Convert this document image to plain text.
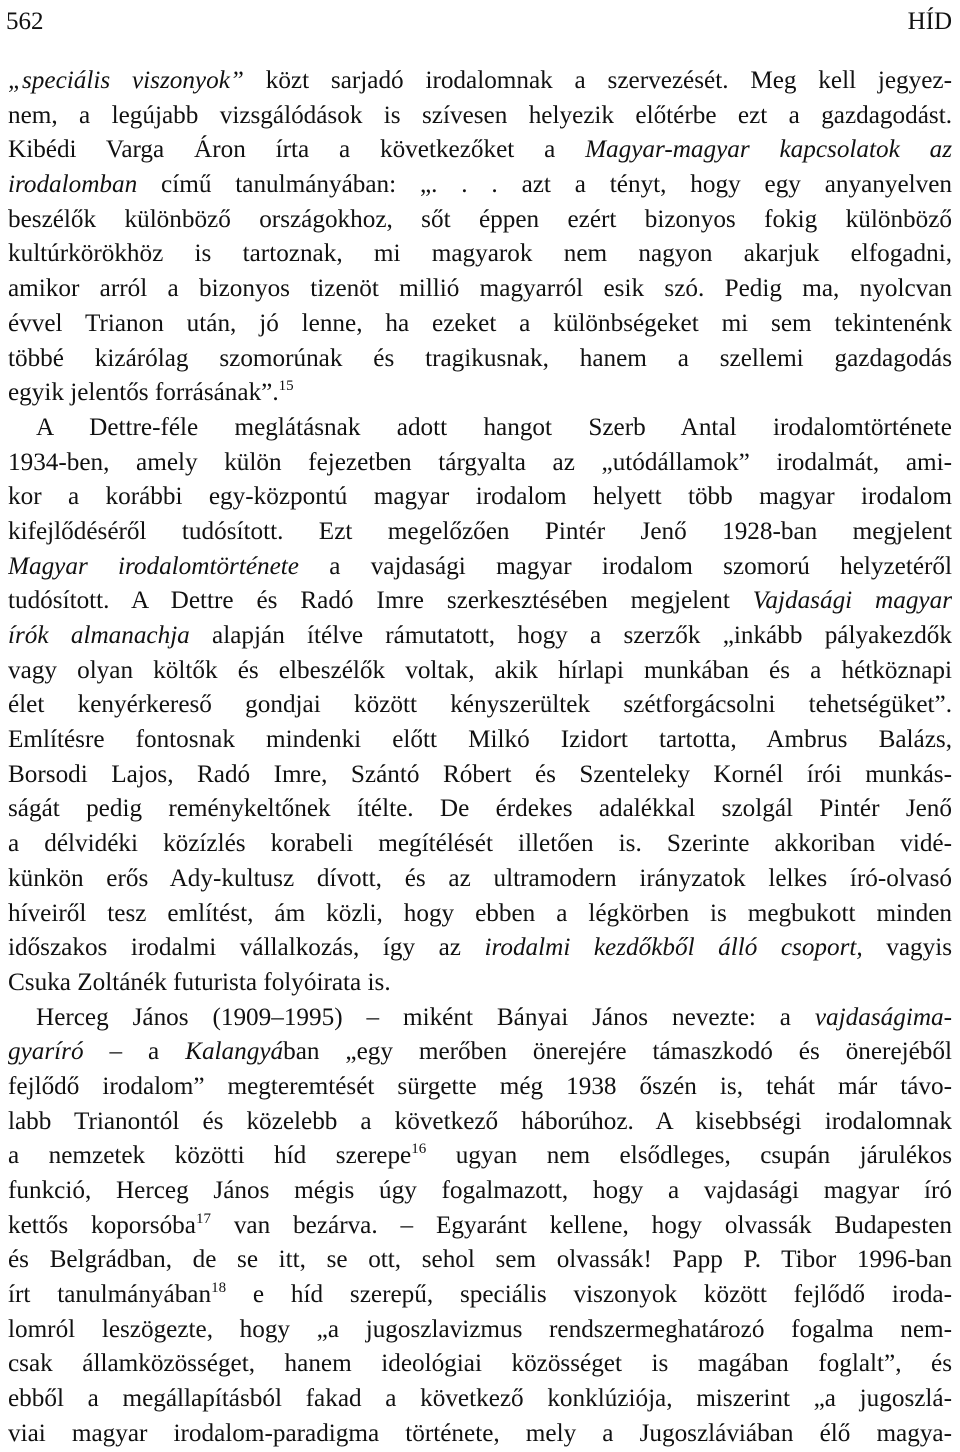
562	HÍD
„speciális viszonyok” közt sarjadó irodalomnak a szervezését. Meg kell jegyez-
nem, a legújabb vizsgálódások is szívesen helyezik előtérbe ezt a gazdagodást.
Kibédi Varga Áron írta a következőket a Magyar-magyar kapcsolatok az
irodalomban című tanulmányában: „. . . azt a tényt, hogy egy anyanyelven
beszélők különböző országokhoz, sőt éppen ezért bizonyos fokig különböző
kultúrkörökhöz is tartoznak, mi magyarok nem nagyon akarjuk elfogadni,
amikor arról a bizonyos tizenöt millió magyarról esik szó. Pedig ma, nyolcvan
évvel Trianon után, jó lenne, ha ezeket a különbségeket mi sem tekintenénk
többé kizárólag szomorúnak és tragikusnak, hanem a szellemi gazdagodás
egyik jelentős forrásának”.$^{15}$
A Dettre-féle meglátásnak adott hangot Szerb Antal irodalomtörténete
1934-ben, amely külön fejezetben tárgyalta az „utódállamok” irodalmát, ami-
kor a korábbi egy-központú magyar irodalom helyett több magyar irodalom
kifejlődéséről tudósított. Ezt megelőzően Pintér Jenő 1928-ban megjelent
Magyar irodalomtörténete a vajdasági magyar irodalom szomorú helyzetéről
tudósított. A Dettre és Radó Imre szerkesztésében megjelent Vajdasági magyar
írók almanachja alapján ítélve rámutatott, hogy a szerzők „inkább pályakezdők
vagy olyan költők és elbeszélők voltak, akik hírlapi munkában és a hétköznapi
élet kenyérkereső gondjai között kényszerültek szétforgácsolni tehetségüket”.
Említésre fontosnak mindenki előtt Milkó Izidort tartotta, Ambrus Balázs,
Borsodi Lajos, Radó Imre, Szántó Róbert és Szenteleky Kornél írói munkás-
ságát pedig reménykeltőnek ítélte. De érdekes adalékkal szolgál Pintér Jenő
a délvidéki közízlés korabeli megítélését illetően is. Szerinte akkoriban vidé-
künkön erős Ady-kultusz dívott, és az ultramodern irányzatok lelkes író-olvasó
híveiről tesz említést, ám közli, hogy ebben a légkörben is megbukott minden
időszakos irodalmi vállalkozás, így az irodalmi kezdőkből álló csoport, vagyis
Csuka Zoltánék futurista folyóirata is.
Herceg János (1909–1995) – miként Bányai János nevezte: a vajdaságima-
gyaríró – a Kalangyában „egy merőben önerejére támaszkodó és önerejéből
fejlődő irodalom” megteremtését sürgette még 1938 őszén is, tehát már távo-
labb Trianontól és közelebb a következő háborúhoz. A kisebbségi irodalomnak
a nemzetek közötti híd szerepe$^{16}$ ugyan nem elsődleges, csupán járulékos
funkció, Herceg János mégis úgy fogalmazott, hogy a vajdasági magyar író
kettős koporsóba$^{17}$ van bezárva. – Egyaránt kellene, hogy olvassák Budapesten
és Belgrádban, de se itt, se ott, sehol sem olvassák! Papp P. Tibor 1996-ban
írt tanulmányában$^{18}$ e híd szerepű, speciális viszonyok között fejlődő iroda-
lomról leszögezte, hogy „a jugoszlavizmus rendszermeghatározó fogalma nem-
csak államközösséget, hanem ideológiai közösséget is magában foglalt”, és
ebből a megállapításból fakad a következő konklúziója, miszerint „a jugoszlá-
viai magyar irodalom-paradigma története, mely a Jugoszláviában élő magya-
